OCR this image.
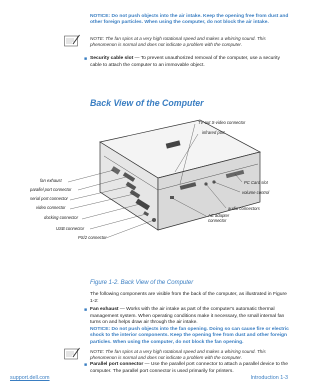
NOTICE: Do not push objects into the air intake. Keep the opening free from dust and other foreign particles. When using the computer, do not block the air intake.
NOTE: The fan spins at a very high rotational speed and makes a whirring sound. This phenomenon is normal and does not indicate a problem with the computer.
■ Security cable slot — To prevent unauthorized removal of the computer, use a security cable to attach the computer to an immovable object.
Back View of the Computer
TV-out S-video connector
infrared port
fan exhaust
parallel port connector
serial port connector
video connector
docking connector
USB connector
PS/2 connector
PC Card slot
volume control
audio connectors
AC adapter
connector
Figure 1-2. Back View of the Computer
The following components are visible from the back of the computer, as illustrated in Figure 1-2:
■ Fan exhaust — Works with the air intake as part of the computer's automatic thermal management system. When operating conditions make it necessary, the small internal fan turns on and helps draw air through the air intake.
NOTICE: Do not push objects into the fan opening. Doing so can cause fire or electric shock to the interior components. Keep the opening free from dust and other foreign particles. When using the computer, do not block the fan opening.
NOTE: The fan spins at a very high rotational speed and makes a whirring sound. This phenomenon is normal and does not indicate a problem with the computer.
■ Parallel port connector — Use the parallel port connector to attach a parallel device to the computer. The parallel port connector is used primarily for printers.
support.dell.com	Introduction 1-3
